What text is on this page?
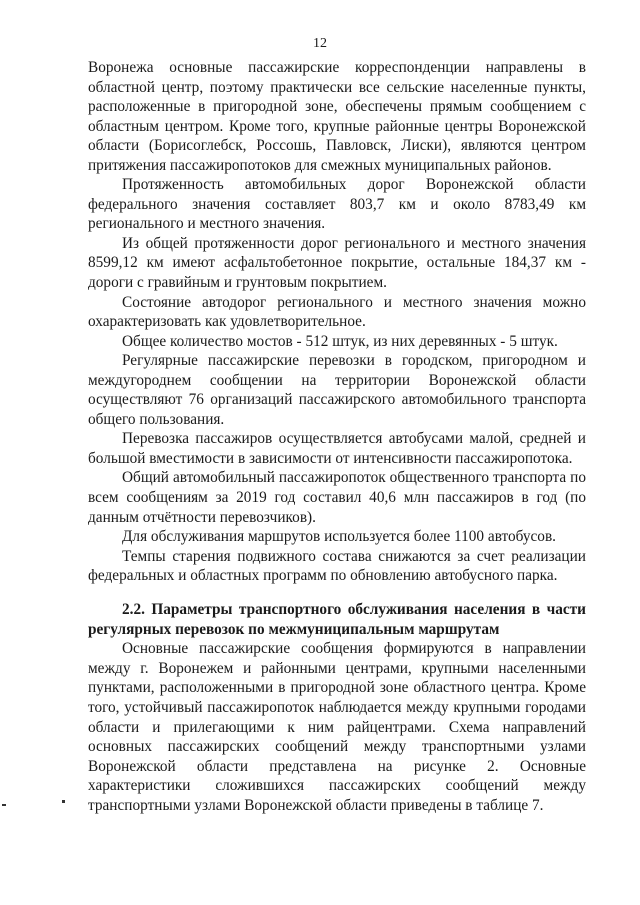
12

Воронежа основные пассажирские корреспонденции направлены в областной центр, поэтому практически все сельские населенные пункты, расположенные в пригородной зоне, обеспечены прямым сообщением с областным центром. Кроме того, крупные районные центры Воронежской области (Борисоглебск, Россошь, Павловск, Лиски), являются центром притяжения пассажиропотоков для смежных муниципальных районов.

Протяженность автомобильных дорог Воронежской области федерального значения составляет 803,7 км и около 8783,49 км регионального и местного значения.

Из общей протяженности дорог регионального и местного значения 8599,12 км имеют асфальтобетонное покрытие, остальные 184,37 км - дороги с гравийным и грунтовым покрытием.

Состояние автодорог регионального и местного значения можно охарактеризовать как удовлетворительное.

Общее количество мостов - 512 штук, из них деревянных - 5 штук.

Регулярные пассажирские перевозки в городском, пригородном и междугороднем сообщении на территории Воронежской области осуществляют 76 организаций пассажирского автомобильного транспорта общего пользования.

Перевозка пассажиров осуществляется автобусами малой, средней и большой вместимости в зависимости от интенсивности пассажиропотока.

Общий автомобильный пассажиропоток общественного транспорта по всем сообщениям за 2019 год составил 40,6 млн пассажиров в год (по данным отчётности перевозчиков).

Для обслуживания маршрутов используется более 1100 автобусов.

Темпы старения подвижного состава снижаются за счет реализации федеральных и областных программ по обновлению автобусного парка.

2.2. Параметры транспортного обслуживания населения в части регулярных перевозок по межмуниципальным маршрутам

Основные пассажирские сообщения формируются в направлении между г. Воронежем и районными центрами, крупными населенными пунктами, расположенными в пригородной зоне областного центра. Кроме того, устойчивый пассажиропоток наблюдается между крупными городами области и прилегающими к ним райцентрами. Схема направлений основных пассажирских сообщений между транспортными узлами Воронежской области представлена на рисунке 2. Основные характеристики сложившихся пассажирских сообщений между транспортными узлами Воронежской области приведены в таблице 7.
